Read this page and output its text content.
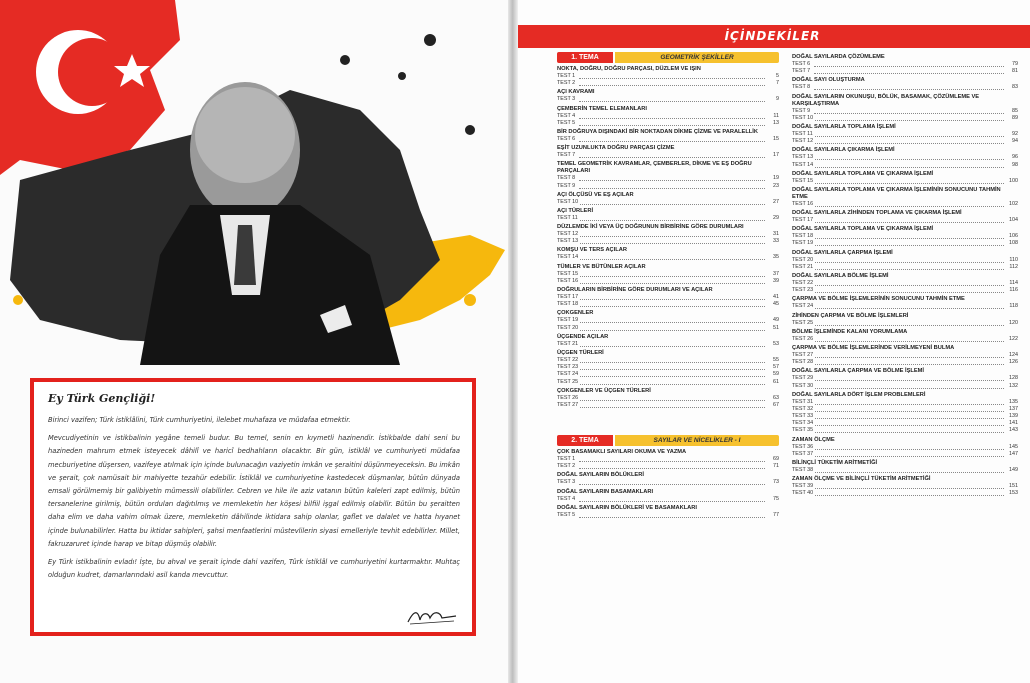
Ey Türk Gençliği!

Birinci vazifen; Türk istiklâlini, Türk cumhuriyetini, ilelebet muhafaza ve müdafaa etmektir.

Mevcudiyetinin ve istikbalinin yegâne temeli budur. Bu temel, senin en kıymetli hazinendir. İstikbalde dahi seni bu hazineden mahrum etmek isteyecek dâhilî ve haricî bedhahların olacaktır. Bir gün, istiklâl ve cumhuriyeti müdafaa mecburiyetine düşersen, vazifeye atılmak için içinde bulunacağın vaziyetin imkân ve şeraitini düşünmeyeceksin. Bu imkân ve şerait, çok namüsait bir mahiyette tezahür edebilir. İstiklâl ve cumhuriyetine kastedecek düşmanlar, bütün dünyada emsali görülmemiş bir galibiyetin mümessili olabilirler. Cebren ve hile ile aziz vatanın bütün kaleleri zapt edilmiş, bütün tersanelerine girilmiş, bütün orduları dağıtılmış ve memleketin her köşesi bilfiil işgal edilmiş olabilir. Bütün bu şeraitten daha elim ve daha vahim olmak üzere, memleketin dâhilinde iktidara sahip olanlar, gaflet ve dalalet ve hatta hıyanet içinde bulunabilirler. Hatta bu iktidar sahipleri, şahsi menfaatlerini müstevlilerin siyasi emelleriyle tevhit edebilirler. Millet, fakruzaruret içinde harap ve bitap düşmüş olabilir.

Ey Türk istikbalinin evladı! İşte, bu ahval ve şerait içinde dahi vazifen, Türk istiklâl ve cumhuriyetini kurtarmaktır. Muhtaç olduğun kudret, damarlarındaki asil kanda mevcuttur.

İÇİNDEKİLER
1. TEMA	GEOMETRİK ŞEKİLLER
NOKTA, DOĞRU, DOĞRU PARÇASI, DÜZLEM VE IŞIN
TEST 1	5
TEST 2	7
AÇI KAVRAMI
TEST 3	9
ÇEMBERİN TEMEL ELEMANLARI
TEST 4	11
TEST 5	13
BİR DOĞRUYA DIŞINDAKİ BİR NOKTADAN DİKME ÇİZME VE PARALELLİK
TEST 6	15
EŞİT UZUNLUKTA DOĞRU PARÇASI ÇİZME
TEST 7	17
TEMEL GEOMETRİK KAVRAMLAR, ÇEMBERLER, DİKME VE EŞ DOĞRU PARÇALARI
TEST 8	19
TEST 9	23
AÇI ÖLÇÜSÜ VE EŞ AÇILAR
TEST 10	27
AÇI TÜRLERİ
TEST 11	29
DÜZLEMDE İKİ VEYA ÜÇ DOĞRUNUN BİRBİRİNE GÖRE DURUMLARI
TEST 12	31
TEST 13	33
KOMŞU VE TERS AÇILAR
TEST 14	35
TÜMLER VE BÜTÜNLER AÇILAR
TEST 15	37
TEST 16	39
DOĞRULARIN BİRBİRİNE GÖRE DURUMLARI VE AÇILAR
TEST 17	41
TEST 18	45
ÇOKGENLER
TEST 19	49
TEST 20	51
ÜÇGENDE AÇILAR
TEST 21	53
ÜÇGEN TÜRLERİ
TEST 22	55
TEST 23	57
TEST 24	59
TEST 25	61
ÇOKGENLER VE ÜÇGEN TÜRLERİ
TEST 26	63
TEST 27	67
2. TEMA	SAYILAR VE NİCELİKLER - I
ÇOK BASAMAKLI SAYILARI OKUMA VE YAZMA
TEST 1	69
TEST 2	71
DOĞAL SAYILARIN BÖLÜKLERİ
TEST 3	73
DOĞAL SAYILARIN BASAMAKLARI
TEST 4	75
DOĞAL SAYILARIN BÖLÜKLERİ VE BASAMAKLARI
TEST 5	77
DOĞAL SAYILARDA ÇÖZÜMLEME
TEST 6	79
TEST 7	81
DOĞAL SAYI OLUŞTURMA
TEST 8	83
DOĞAL SAYILARIN OKUNUŞU, BÖLÜK, BASAMAK, ÇÖZÜMLEME VE KARŞILAŞTIRMA
TEST 9	85
TEST 10	89
DOĞAL SAYILARLA TOPLAMA İŞLEMİ
TEST 11	92
TEST 12	94
DOĞAL SAYILARLA ÇIKARMA İŞLEMİ
TEST 13	96
TEST 14	98
DOĞAL SAYILARLA TOPLAMA VE ÇIKARMA İŞLEMİ
TEST 15	100
DOĞAL SAYILARLA TOPLAMA VE ÇIKARMA İŞLEMİNİN SONUCUNU TAHMİN ETME
TEST 16	102
DOĞAL SAYILARLA ZİHİNDEN TOPLAMA VE ÇIKARMA İŞLEMİ
TEST 17	104
DOĞAL SAYILARLA TOPLAMA VE ÇIKARMA İŞLEMİ
TEST 18	106
TEST 19	108
DOĞAL SAYILARLA ÇARPMA İŞLEMİ
TEST 20	110
TEST 21	112
DOĞAL SAYILARLA BÖLME İŞLEMİ
TEST 22	114
TEST 23	116
ÇARPMA VE BÖLME İŞLEMLERİNİN SONUCUNU TAHMİN ETME
TEST 24	118
ZİHİNDEN ÇARPMA VE BÖLME İŞLEMLERİ
TEST 25	120
BÖLME İŞLEMİNDE KALANI YORUMLAMA
TEST 26	122
ÇARPMA VE BÖLME İŞLEMLERİNDE VERİLMEYENİ BULMA
TEST 27	124
TEST 28	126
DOĞAL SAYILARLA ÇARPMA VE BÖLME İŞLEMİ
TEST 29	128
TEST 30	132
DOĞAL SAYILARLA DÖRT İŞLEM PROBLEMLERİ
TEST 31	135
TEST 32	137
TEST 33	139
TEST 34	141
TEST 35	143
ZAMAN ÖLÇME
TEST 36	145
TEST 37	147
BİLİNÇLİ TÜKETİM ARİTMETİĞİ
TEST 38	149
ZAMAN ÖLÇME VE BİLİNÇLİ TÜKETİM ARİTMETİĞİ
TEST 39	151
TEST 40	153
